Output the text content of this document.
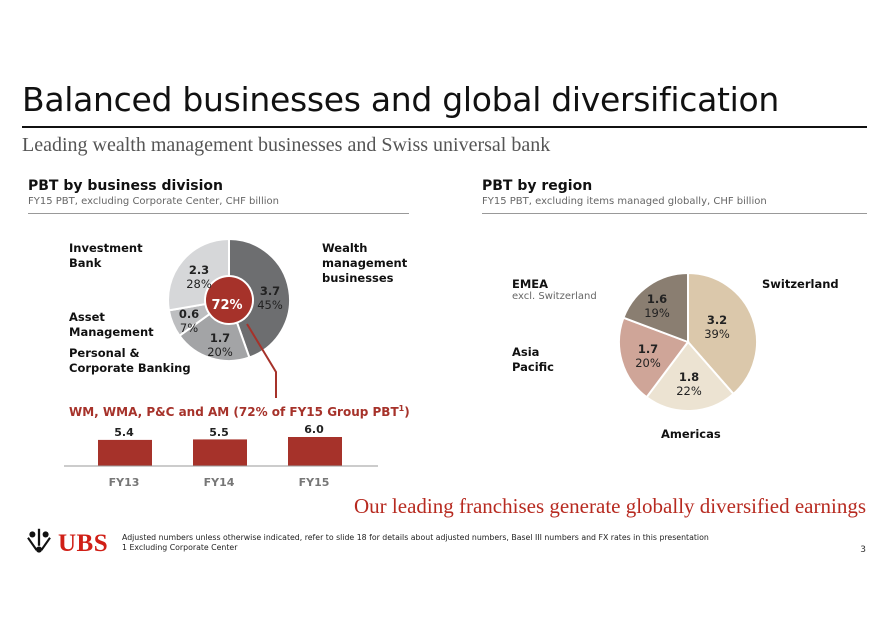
Balanced businesses and global diversification
Leading wealth management businesses and Swiss universal bank
PBT by business division
FY15 PBT, excluding Corporate Center, CHF billion
PBT by region
FY15 PBT, excluding items managed globally, CHF billion
72%
Investment
Bank
Wealth
management
businesses
Asset
Management
Personal &
Corporate Banking
3.7
45%
1.7
20%
0.6
7%
2.3
28%
WM, WMA, P&C and AM (72% of FY15 Group PBT$^1$)
5.4	5.5	6.0
FY13	FY14	FY15
EMEA
excl. Switzerland
Switzerland
Asia
Pacific
Americas
3.2
39%
1.8
22%
1.7
20%
1.6
19%
Our leading franchises generate globally diversified earnings
UBS Adjusted numbers unless otherwise indicated, refer to slide 18 for details about adjusted numbers, Basel III numbers and FX rates in this presentation
1 Excluding Corporate Center	3
